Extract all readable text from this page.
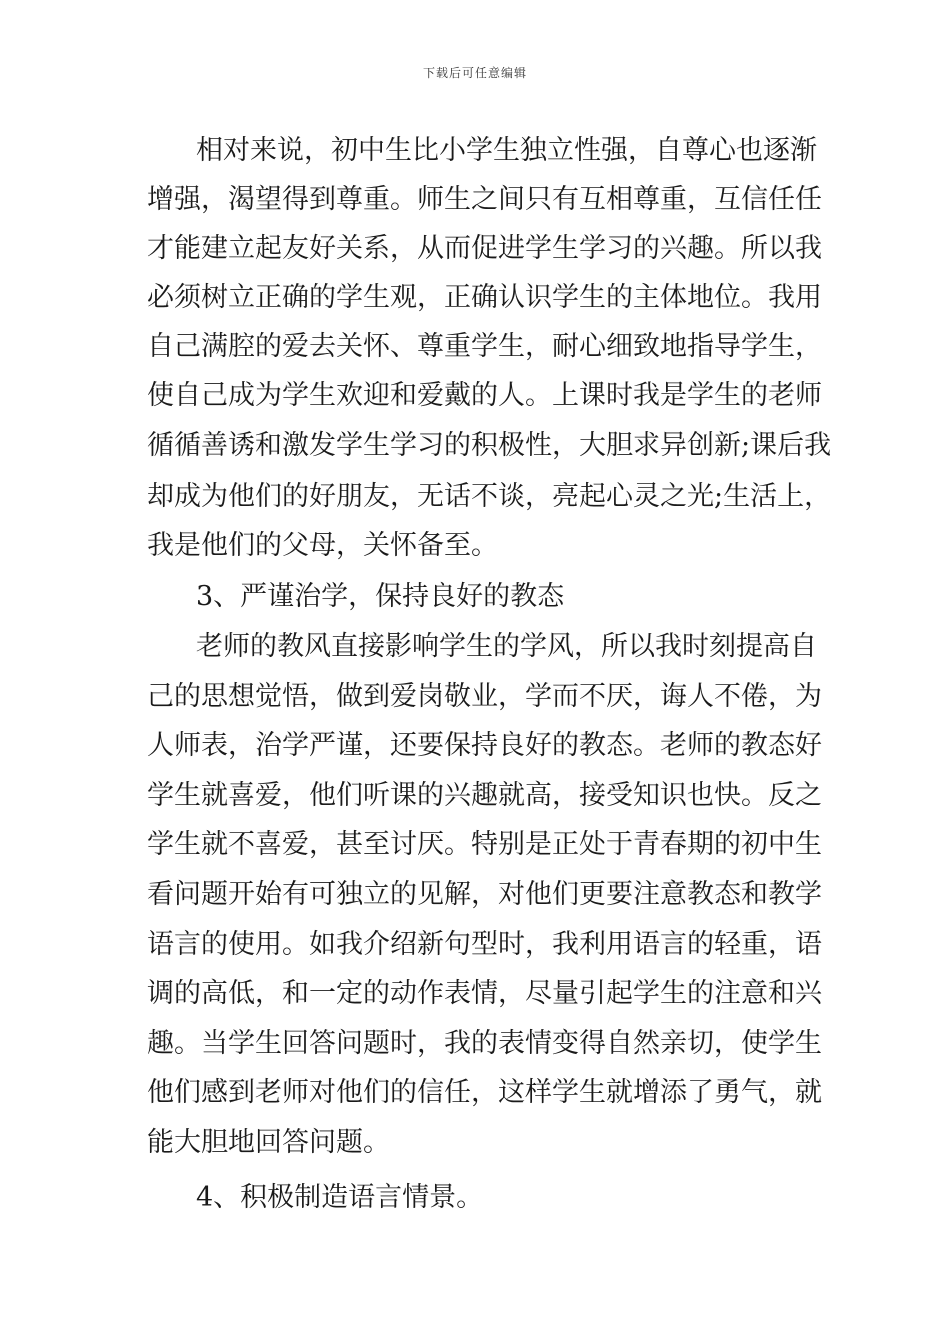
下载后可任意编辑
相对来说，初中生比小学生独立性强，自尊心也逐渐
增强，渴望得到尊重。师生之间只有互相尊重，互信任任
才能建立起友好关系，从而促进学生学习的兴趣。所以我
必须树立正确的学生观，正确认识学生的主体地位。我用
自己满腔的爱去关怀、尊重学生，耐心细致地指导学生，
使自己成为学生欢迎和爱戴的人。上课时我是学生的老师
循循善诱和激发学生学习的积极性，大胆求异创新;课后我
却成为他们的好朋友，无话不谈，亮起心灵之光;生活上，
我是他们的父母，关怀备至。
3、严谨治学，保持良好的教态
老师的教风直接影响学生的学风，所以我时刻提高自
己的思想觉悟，做到爱岗敬业，学而不厌，诲人不倦，为
人师表，治学严谨，还要保持良好的教态。老师的教态好
学生就喜爱，他们听课的兴趣就高，接受知识也快。反之
学生就不喜爱，甚至讨厌。特别是正处于青春期的初中生
看问题开始有可独立的见解，对他们更要注意教态和教学
语言的使用。如我介绍新句型时，我利用语言的轻重，语
调的高低，和一定的动作表情，尽量引起学生的注意和兴
趣。当学生回答问题时，我的表情变得自然亲切，使学生
他们感到老师对他们的信任，这样学生就增添了勇气，就
能大胆地回答问题。
4、积极制造语言情景。
